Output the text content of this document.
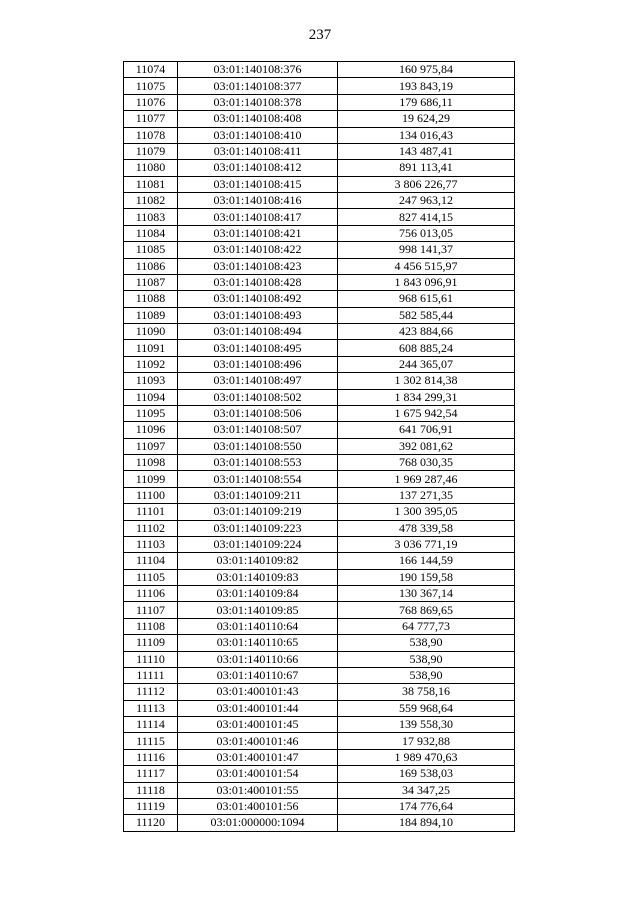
237
11074	03:01:140108:376	160 975,84
11075	03:01:140108:377	193 843,19
11076	03:01:140108:378	179 686,11
11077	03:01:140108:408	19 624,29
11078	03:01:140108:410	134 016,43
11079	03:01:140108:411	143 487,41
11080	03:01:140108:412	891 113,41
11081	03:01:140108:415	3 806 226,77
11082	03:01:140108:416	247 963,12
11083	03:01:140108:417	827 414,15
11084	03:01:140108:421	756 013,05
11085	03:01:140108:422	998 141,37
11086	03:01:140108:423	4 456 515,97
11087	03:01:140108:428	1 843 096,91
11088	03:01:140108:492	968 615,61
11089	03:01:140108:493	582 585,44
11090	03:01:140108:494	423 884,66
11091	03:01:140108:495	608 885,24
11092	03:01:140108:496	244 365,07
11093	03:01:140108:497	1 302 814,38
11094	03:01:140108:502	1 834 299,31
11095	03:01:140108:506	1 675 942,54
11096	03:01:140108:507	641 706,91
11097	03:01:140108:550	392 081,62
11098	03:01:140108:553	768 030,35
11099	03:01:140108:554	1 969 287,46
11100	03:01:140109:211	137 271,35
11101	03:01:140109:219	1 300 395,05
11102	03:01:140109:223	478 339,58
11103	03:01:140109:224	3 036 771,19
11104	03:01:140109:82	166 144,59
11105	03:01:140109:83	190 159,58
11106	03:01:140109:84	130 367,14
11107	03:01:140109:85	768 869,65
11108	03:01:140110:64	64 777,73
11109	03:01:140110:65	538,90
11110	03:01:140110:66	538,90
11111	03:01:140110:67	538,90
11112	03:01:400101:43	38 758,16
11113	03:01:400101:44	559 968,64
11114	03:01:400101:45	139 558,30
11115	03:01:400101:46	17 932,88
11116	03:01:400101:47	1 989 470,63
11117	03:01:400101:54	169 538,03
11118	03:01:400101:55	34 347,25
11119	03:01:400101:56	174 776,64
11120	03:01:000000:1094	184 894,10
